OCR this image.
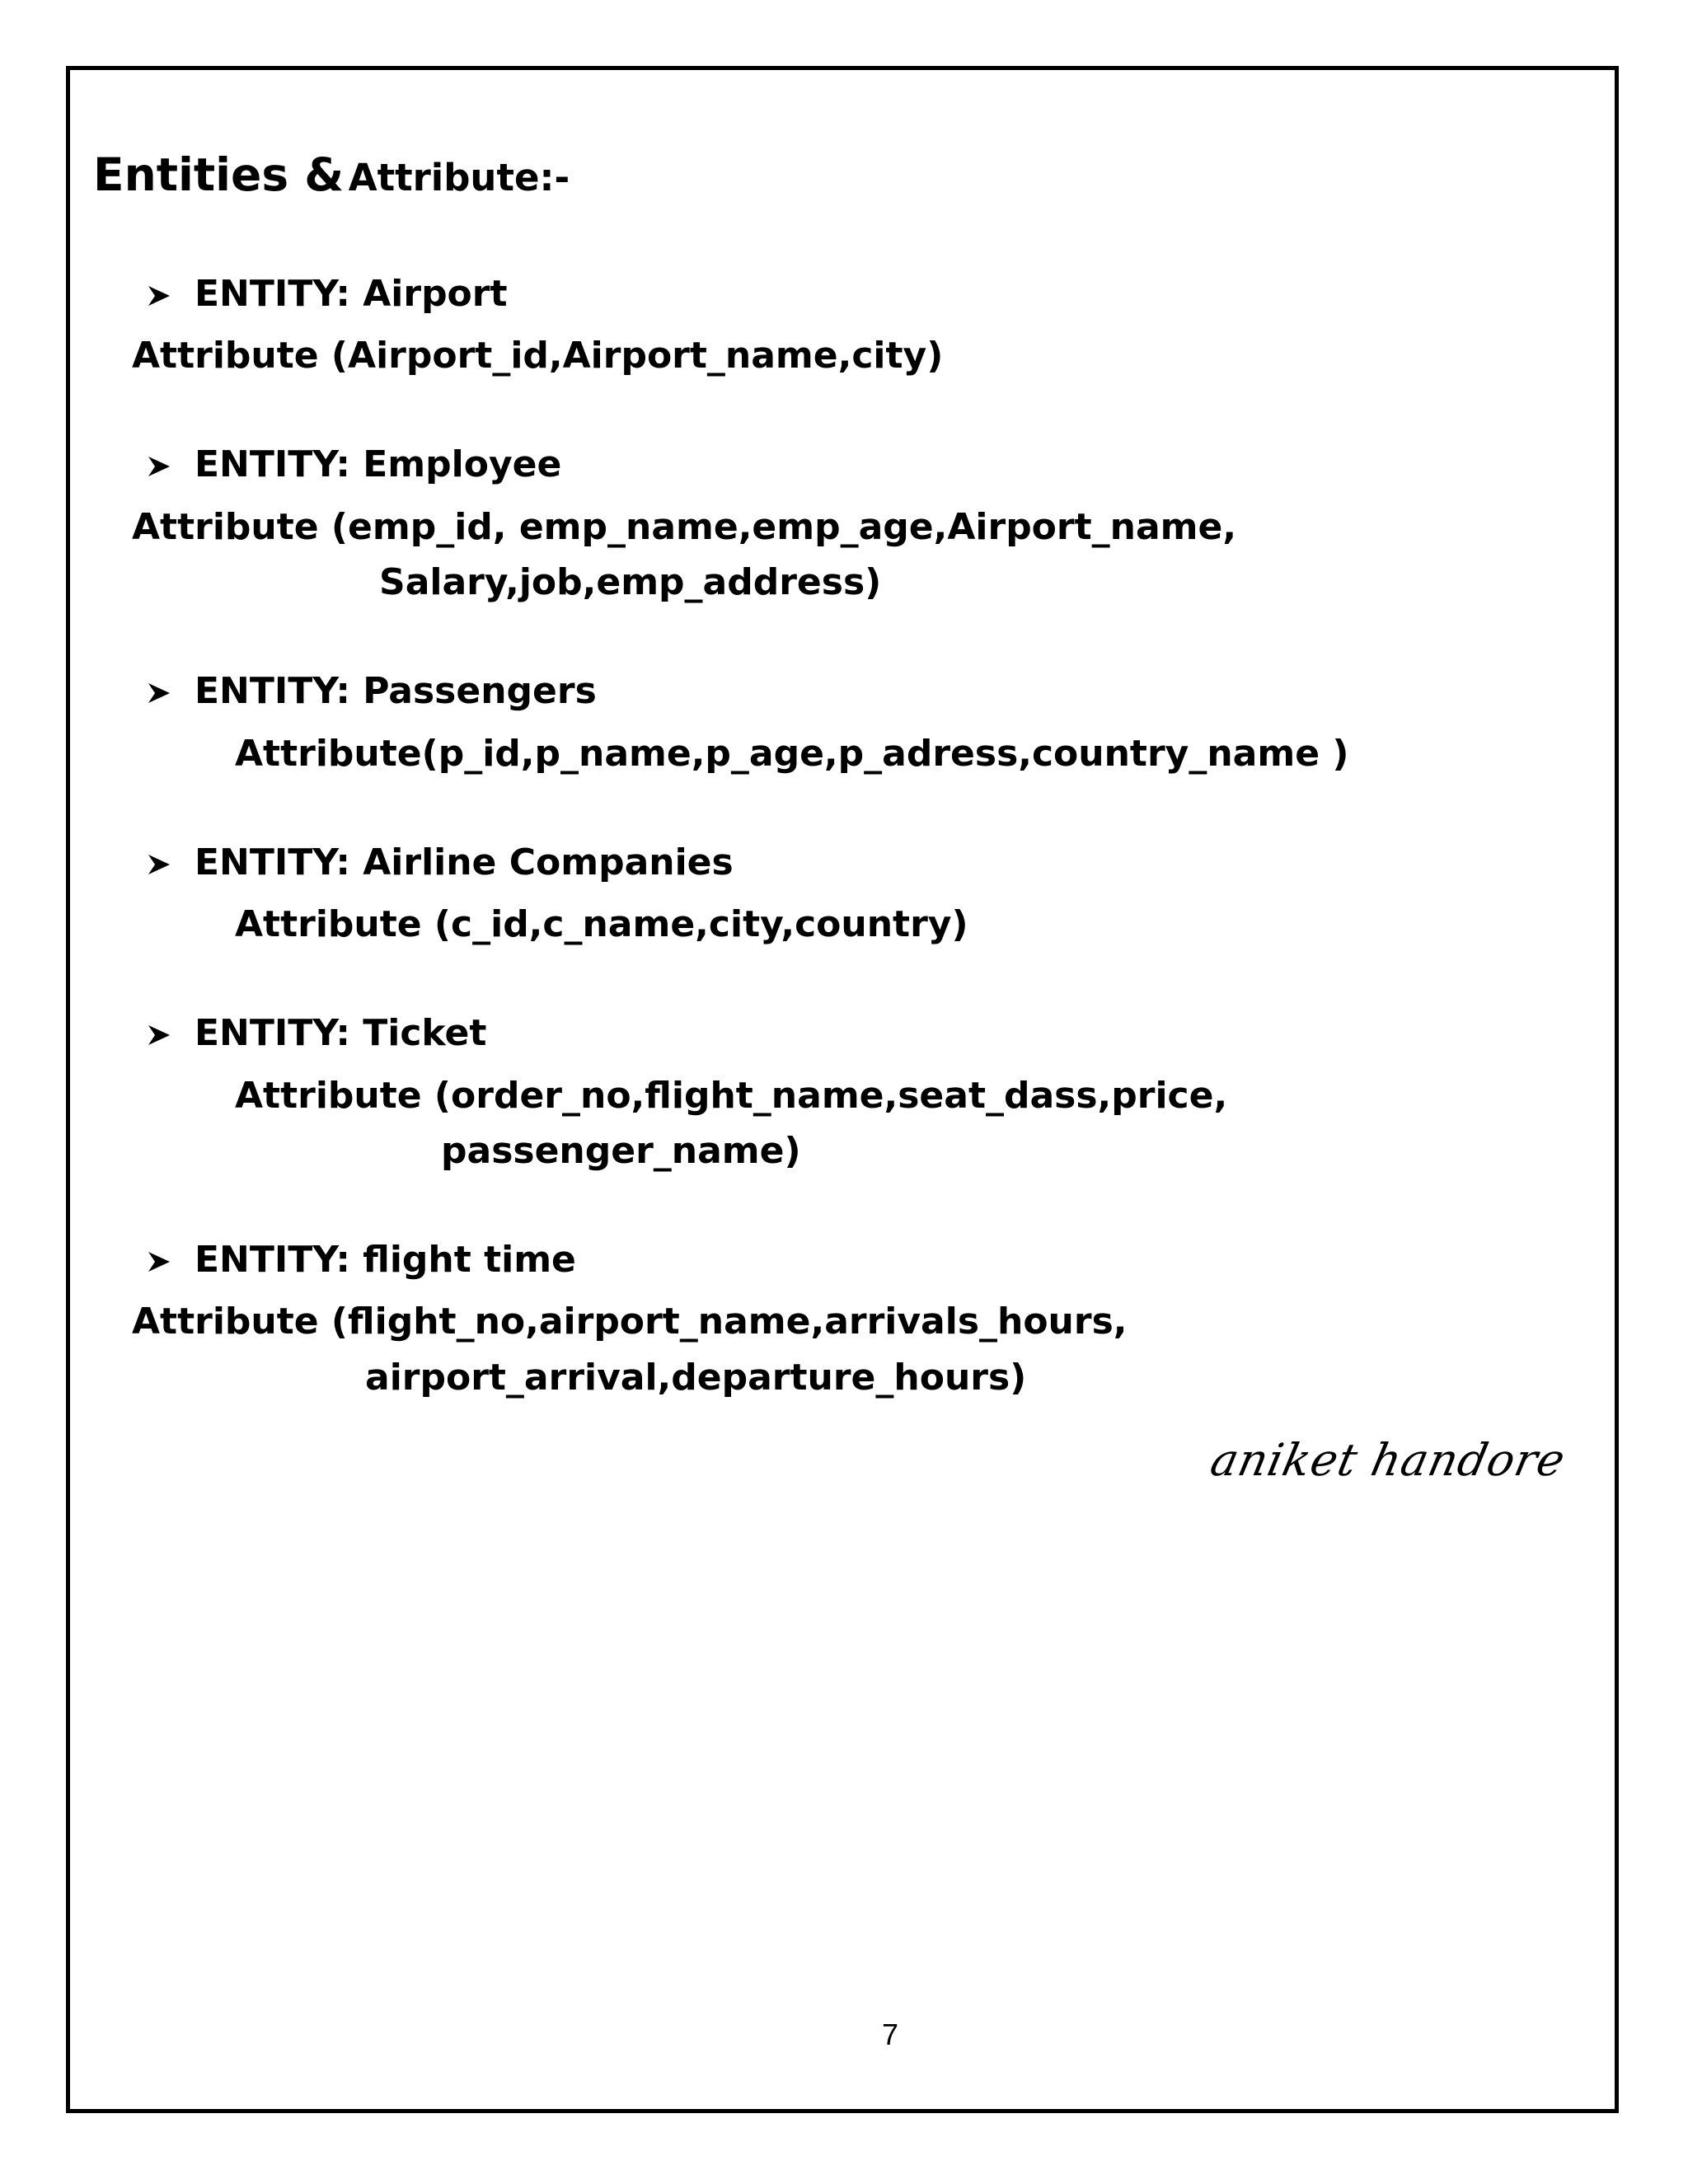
Entities & Attribute:-
ENTITY: Airport
Attribute (Airport_id,Airport_name,city)
ENTITY: Employee
Attribute (emp_id, emp_name,emp_age,Airport_name,
Salary,job,emp_address)
ENTITY: Passengers
Attribute(p_id,p_name,p_age,p_adress,country_name )
ENTITY: Airline Companies
Attribute (c_id,c_name,city,country)
ENTITY: Ticket
Attribute (order_no,flight_name,seat_dass,price,
passenger_name)
ENTITY: flight time
Attribute (flight_no,airport_name,arrivals_hours,
airport_arrival,departure_hours)
aniket handore
7
